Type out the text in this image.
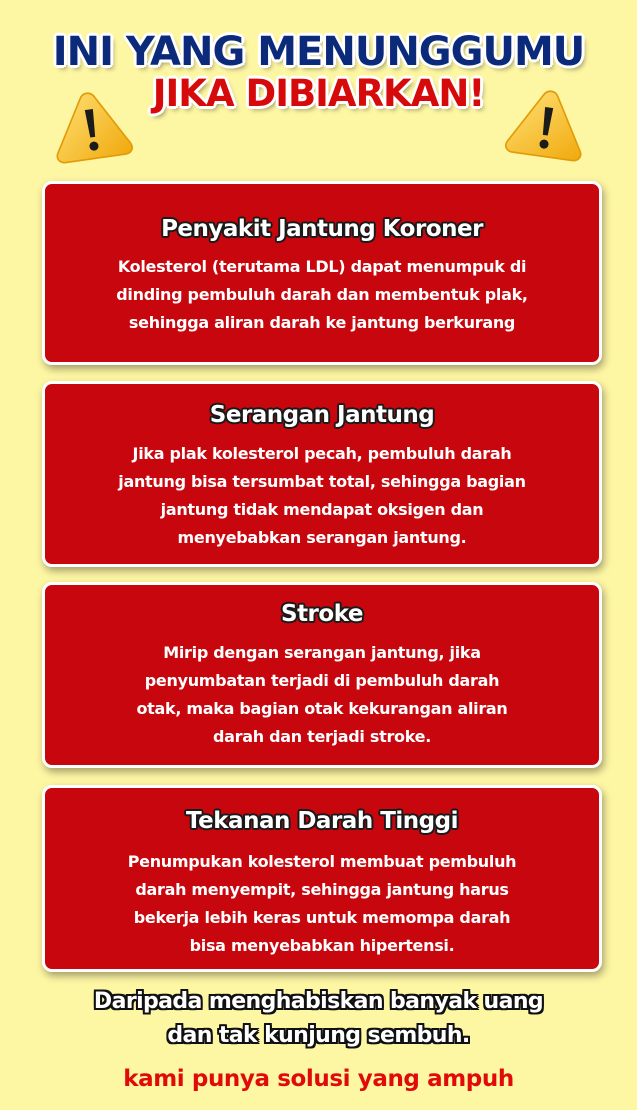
INI YANG MENUNGGUMU
JIKA DIBIARKAN!
Penyakit Jantung Koroner
Kolesterol (terutama LDL) dapat menumpuk di
dinding pembuluh darah dan membentuk plak,
sehingga aliran darah ke jantung berkurang
Serangan Jantung
Jika plak kolesterol pecah, pembuluh darah
jantung bisa tersumbat total, sehingga bagian
jantung tidak mendapat oksigen dan
menyebabkan serangan jantung.
Stroke
Mirip dengan serangan jantung, jika
penyumbatan terjadi di pembuluh darah
otak, maka bagian otak kekurangan aliran
darah dan terjadi stroke.
Tekanan Darah Tinggi
Penumpukan kolesterol membuat pembuluh
darah menyempit, sehingga jantung harus
bekerja lebih keras untuk memompa darah
bisa menyebabkan hipertensi.
Daripada menghabiskan banyak uang
dan tak kunjung sembuh.

kami punya solusi yang ampuh
